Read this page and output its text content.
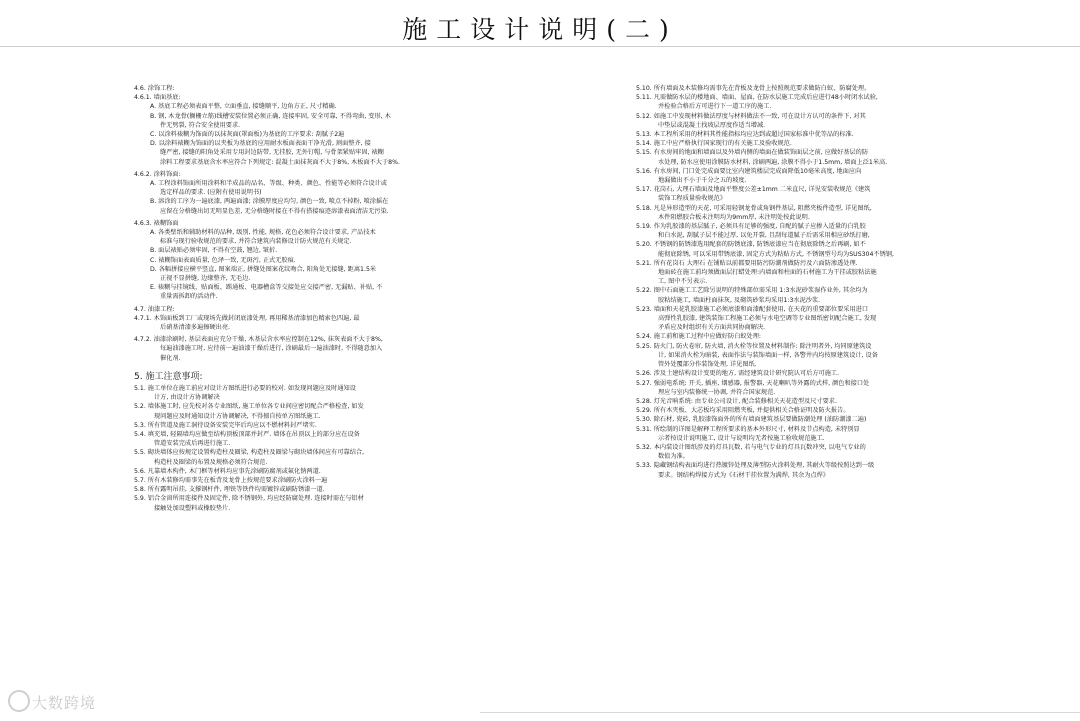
施工设计说明(二)
4.6. 涂饰工程:
4.6.1. 墙面基底:
A. 基底工程必须表面平整, 立面垂直, 接缝顺平, 边角方正, 尺寸精确.
B. 钢, 木龙骨(搁栅立筋)线槽安装位置必须正确, 连接牢固, 安全可靠, 不得弯曲, 变形, 木
件无劈裂, 符合安全使用要求.
C. 以涂料裱糊为饰面的以抹灰面(罩面板)为基底的工序要求: 刮腻子2遍
D. 以涂料裱糊为饰面的以夹板为基底的应用耐水板面表面干净光滑, 割面整齐, 接
缝严密, 接缝的阳角处采用专用封边防带, 无挂胶, 无外钉帽, 与骨架紧贴牢固, 裱糊
涂料工程要求基底含水率应符合下列规定: 混凝土面抹灰面不大于8%, 木板面不大于8%.
4.6.2. 涂料饰面:
A. 工程涂料饰面所用涂料和半成品的品名、等级、种类、颜色、性能等必须符合设计或
选定样品的要求. (应附有使用说明书)
B. 溶涂的工序为一遍底漆, 两遍面漆; 涂膜厚度应均匀, 颜色一致, 喷点不掉粉, 喷涂摇在
应留在分格缝出切无明显色差, 无分格缝时接在不得有搭接痕迹溶漆表面清洁无污染.
4.6.3. 裱糊饰面
A. 各类壁纸和辅助材料的品种, 级别, 性能, 规格, 花色必须符合设计要求, 产品技术
标准与现行验收规范的要求, 并符合建筑内装修设计防火规范有关规定.
B. 面层裱贴必须牢固, 不得有空鼓, 翘边, 皱折.
C. 裱糊饰面表面质量, 色泽一致, 无斑污, 正式无胶痕.
D. 各幅拼接应横平竖直, 图案端正, 拼缝处图案花纹吻合, 阳角处无接缝, 距离1.5米
正视不显拼缝, 边缘整齐, 无毛边.
E. 裱糊与挂镜线、贴面板、踢通板、电器槽盒等交接处应交接严密, 无漏贴、补贴, 不
重量需拆卸的活动件.
4.7. 油漆工程:
4.7.1. 木饰面板到工厂或现场先做封闭底漆处理, 再用稀基清漆加色精索色四遍, 最
后硝基清漆多遍擦硬出亮.
4.7.2. 油漆涂刷时, 基层表面应充分干燥, 木基层含水率应控制在12%, 抹灰表面不大于8%,
每遍油漆施工时, 应待前一遍油漆干燥后进行, 涂刷最后一遍油漆时, 不得随意加入
催化剂.
5. 施工注意事项:
5.1. 施工单位在施工前应对设计方图纸进行必要的校对. 如发现问题应及时通知设
计方, 由设计方协调解决
5.2. 墙体施工时, 应先校对各专业图纸, 施工单位各专业间应密切配合严格检查, 如发
现问题应及时通知设计方协调解决, 不得擅自按单方图纸施工.
5.3. 所有管道及施工洞待设备安装完毕后均应以不燃材料封严堵实.
5.4. 填充墙, 轻隔墙均应做至结构顶板顶部并封严. 墙体在吊顶以上的部分应在设备
管道安装完成后再进行施工.
5.5. 砌块墙体应按规定设置构造柱及圈梁, 构造柱及圈梁与砌块墙体间应有可靠结合,
构造柱及圈梁的布置及规格必须符合规范.
5.6. 凡靠墙木构件, 木门框等材料均应事先涂刷防腐剂或氟化钠两道.
5.7. 所有木装修均需事先在板背及龙骨上按规范要求涂刷防火涂料一遍
5.8. 所有露明吊挂, 支撑钢杆件, 埋铁等铁件均需镀锌或刷防锈漆一道.
5.9. 铝合金窗所用连接件及固定件, 除不锈钢外, 均应经防腐处理. 连接时需在与铝材
接触处加设塑料或橡胶垫片.
5.10. 所有墙面及木装修均需事先在背板及龙骨上按照规范要求做防白蚁、防腐处理。
5.11. 凡需做防水层的楼地面、墙面、屋面, 在防水层施工完成后应进行48小时闭水试验,
并检验合格后方可进行下一道工序的施工.
5.12. 如施工中发现材料做法厚度与材料做法不一致, 可在设计方认可的条件下, 对其
中垫层或混凝土找坡层厚度作适当增减.
5.13. 本工程所采用的材料其性能指标均应达到或超过国家标准中优等品的标准.
5.14. 施工中应严格执行国家现行的有关施工及验收规范.
5.15. 有水房间的地面和墙面以及外墙内侧的墙面在做装饰面层之前, 应做好基层的防
水处理, 防水应使用涂膜防水材料, 涂刷两遍, 涂膜不得小于1.5mm, 墙面上泛1米高.
5.16. 有水房间, 门口处完成面要比室内建筑楼层完成面降低10毫米高度, 地面应向
地漏做出不小于千分之五的坡度.
5.17. 花岗石, 大理石墙面及地面平整度公差±1mm 二米直尺, 详见安装收规范《建筑
装饰工程质量验收规范》
5.18. 凡是异形造型的天花, 可采用轻钢龙骨或角钢件基层, 阻燃夹板件造型, 详见图纸,
木件阻燃胶合板未注明均为9mm厚, 未注明处按此说明.
5.19. 作为乳胶漆的基层腻子, 必须具有足够的强度, 自配的腻子应掺入适量的白乳胶
和白水泥, 刮腻子层不能过厚, 以免开裂, 且刮每道腻子后需采用相应砂纸打磨,
5.20. 不锈钢的防锈漆选用配套的防锈底漆, 防锈底漆应当在彻底除锈之后再刷, 如不
能彻底除锈, 可以采用带锈底漆, 固定方式为粘贴方式, 不锈钢型号均为SUS304不锈钢,
5.21. 所有花岗石 大理石 在铺贴以前都要用防污防潮剂做防污及六面防渗透处理.
地面砖在施工前均须做面层打蜡处理:内墙面和柱面的石材施工为干挂或胶粘法施
工, 图中不另表示.
5.22. 图中石面施工工艺除另说明的特殊部位需采用 1:3水泥砂浆湿作业外, 其余均为
胶粘结施工, 墙面柱面抹灰, 及砌筑砂浆均采用1:3水泥沙浆.
5.23. 墙面和天花乳胶漆施工必须底漆和面漆配套使用, 在天花的重要部位要采用进口
高弹性乳胶漆, 建筑装饰工程施工必须与水电空调等专业图纸密切配合施工, 发现
矛盾应及时组织有关方面共同协商解决.
5.24. 施工前和施工过程中应做好防白蚁处理:
5.25. 防火门, 防火卷帘, 防火墙, 消火栓等位置及材料制作: 除注明者外, 均同原建筑设
计, 如果消火栓为暗装, 表面作法与装饰墙面一样, 各警井内均按原建筑设计, 设备
管外处覆部分作装饰处理, 详见图纸.
5.26. 涉及土建结构设计变更的地方, 需经建筑设计研究院认可后方可施工.
5.27. 强弱电系统: 开关, 插座, 烟感器, 报警器, 天花喇叭等外露的式样, 颜色和接口处
理应与室内装修统一协调, 并符合国家规范.
5.28. 灯光音响系统: 由专业公司设计, 配合装修相关天花造型及尺寸要求.
5.29. 所有木夹板、大芯板均采用阻燃夹板, 并提供相关合格证明及防火报告。
5.30. 除石材, 瓷砖, 乳胶漆饰面外的所有墙面建筑基层要做防潮处理 (油防潮漆二遍)
5.31. 所绘制的详图是解释工程所要求的基本外形尺寸, 材料及节点构造, 未特别显
示者按设计说明施工, 设计与说明均无者按施工验收规范施工.
5.32. 本内装设计图纸涉及的灯具瓦数, 若与电气专业的灯具瓦数冲突, 以电气专业的
数值为准。
5.33. 隐藏钢结构表面均进行热镀锌处理及薄型防火涂料处理, 其耐火等级按照达到一级
要求。钢结构焊接方式为《石材干挂位置为满焊, 其余为点焊》
大数跨境
